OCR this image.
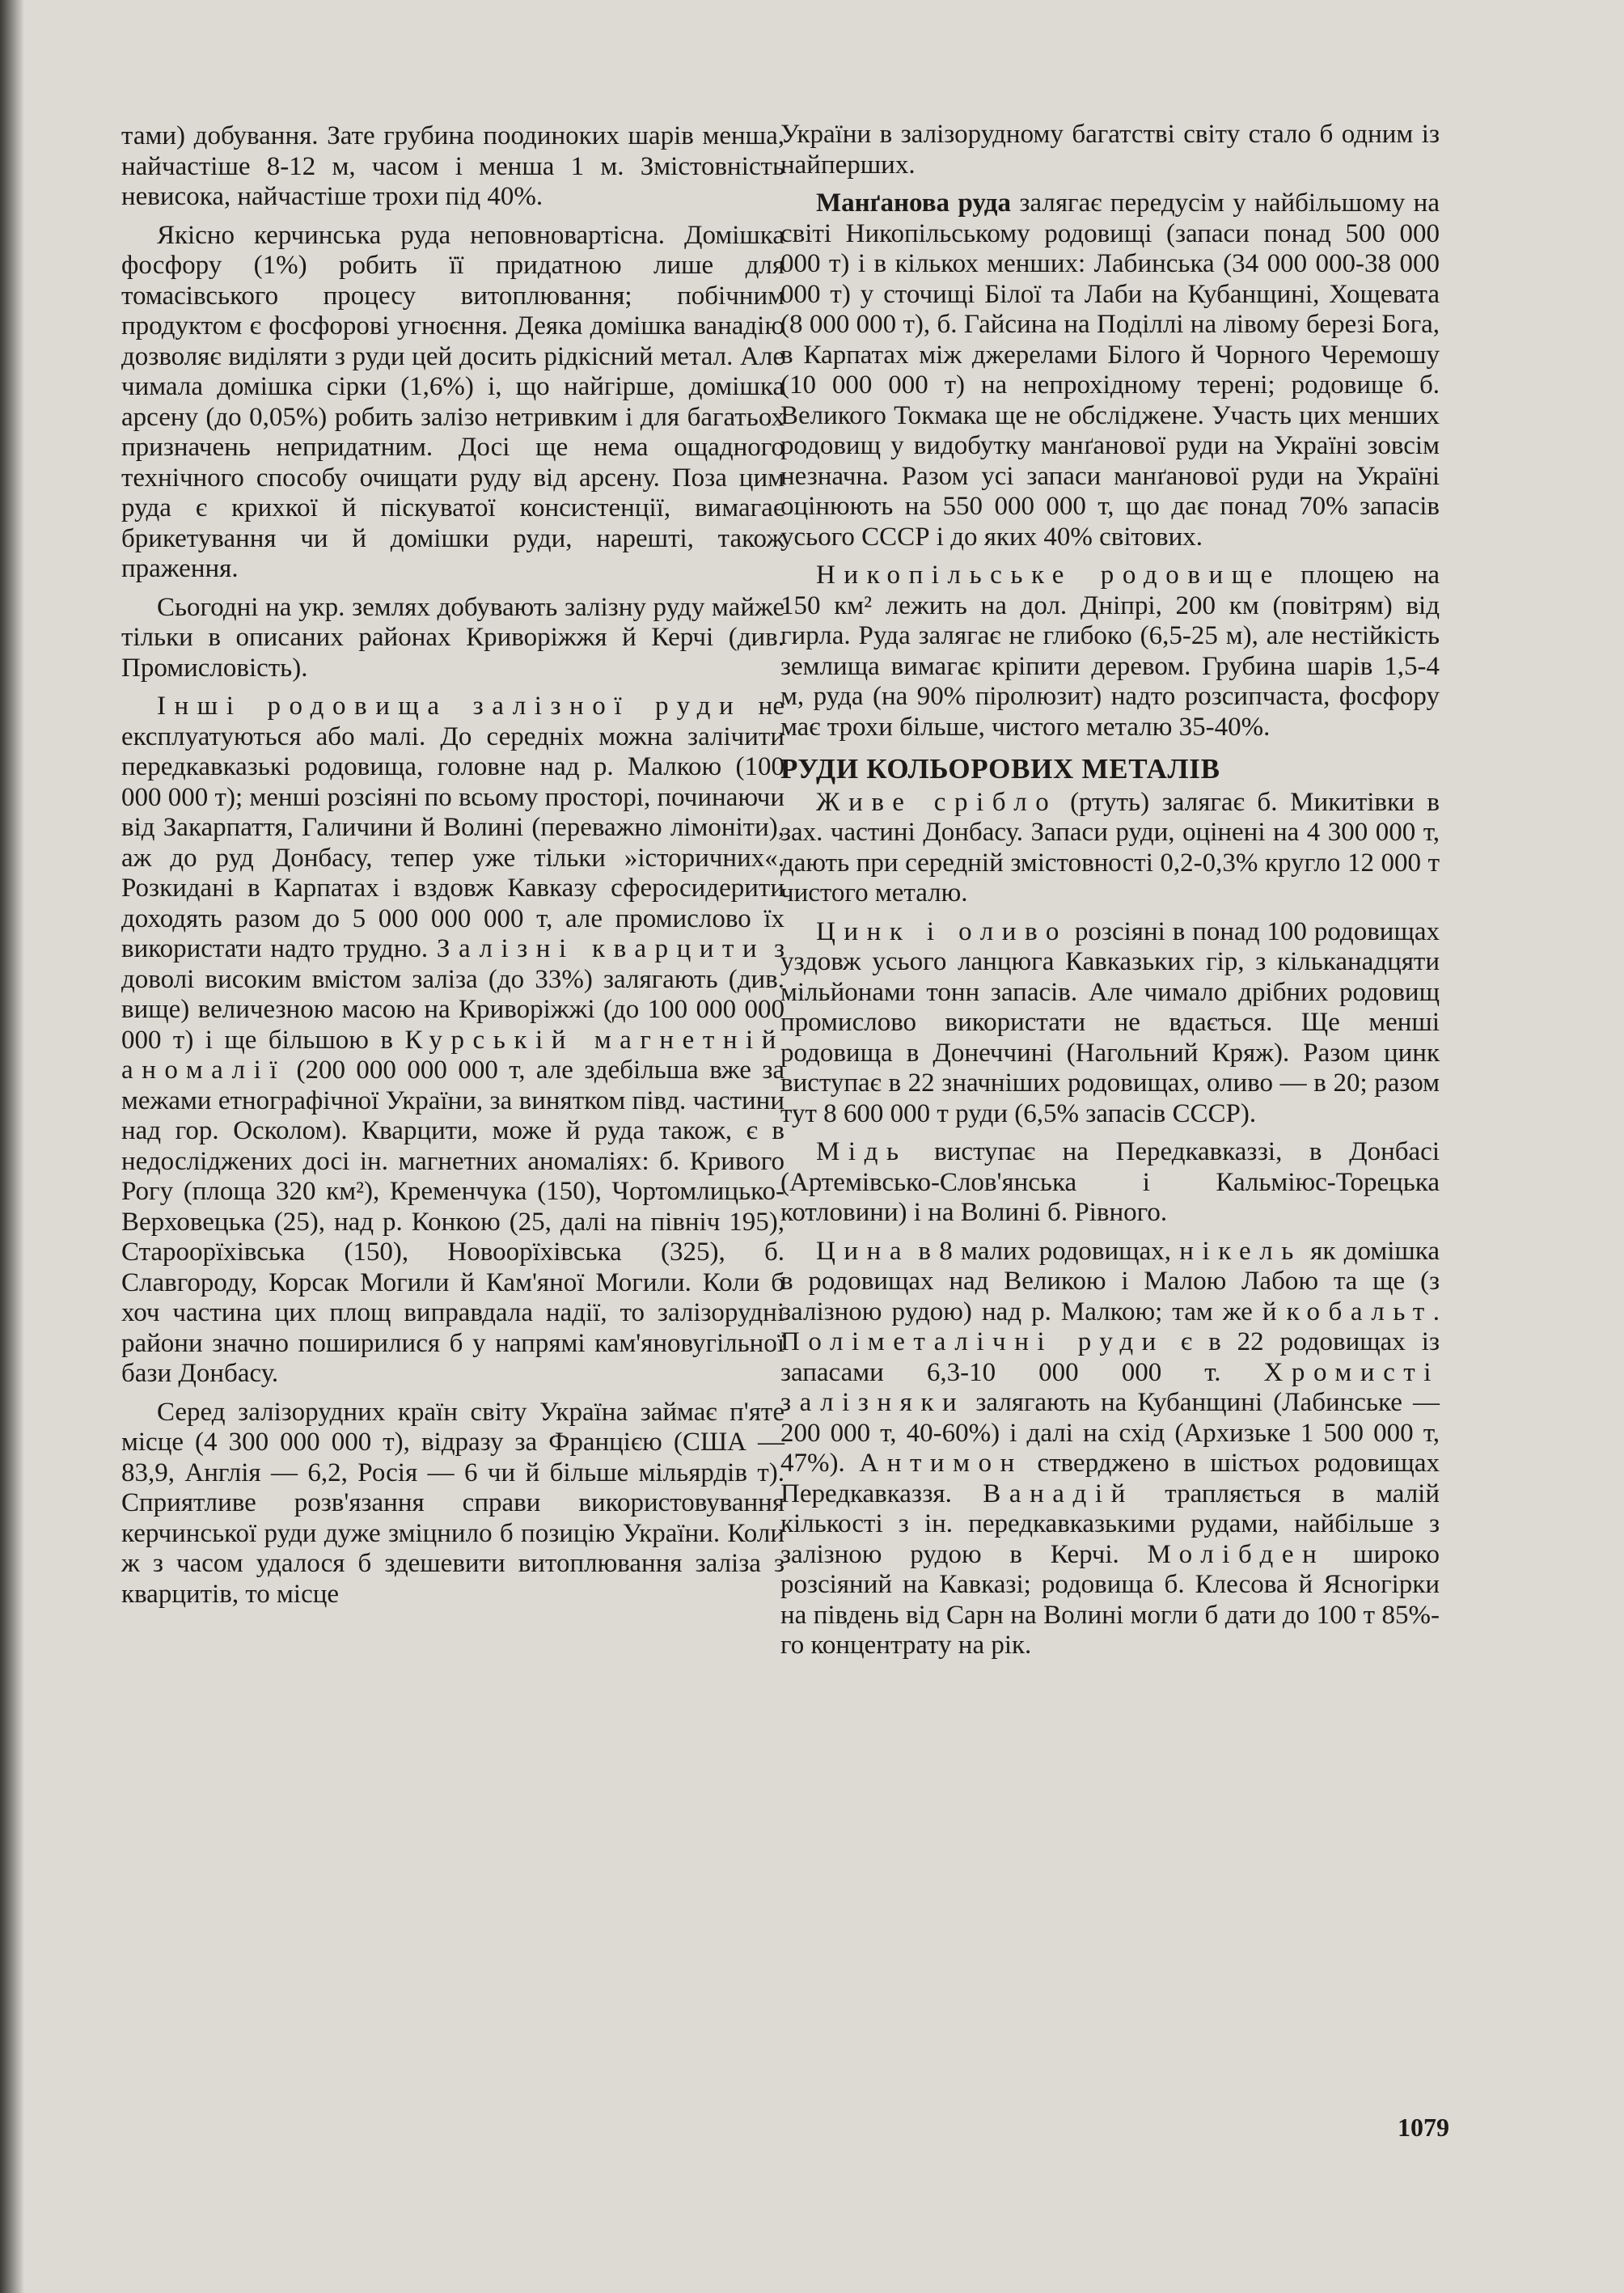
тами) добування. Зате грубина поодиноких шарів менша, найчастіше 8-12 м, часом і менша 1 м. Змістовність невисока, найчастіше трохи під 40%.

Якісно керчинська руда неповновартісна. Домішка фосфору (1%) робить її придатною лише для томасівського процесу витоплювання; побічним продуктом є фосфорові угноєння. Деяка домішка ванадію дозволяє виділяти з руди цей досить рідкісний метал. Але чимала домішка сірки (1,6%) і, що найгірше, домішка арсену (до 0,05%) робить залізо нетривким і для багатьох призначень непридатним. Досі ще нема ощадного технічного способу очищати руду від арсену. Поза цим руда є крихкої й піскуватої консистенції, вимагає брикетування чи й домішки руди, нарешті, також праження.

Сьогодні на укр. землях добувають залізну руду майже тільки в описаних районах Криворіжжя й Керчі (див. Промисловість).

Інші родовища залізної руди не експлуатуються або малі. До середніх можна залічити передкавказькі родовища, головне над р. Малкою (100 000 000 т); менші розсіяні по всьому просторі, починаючи від Закарпаття, Галичини й Волині (переважно лімоніти), аж до руд Донбасу, тепер уже тільки »історичних«. Розкидані в Карпатах і вздовж Кавказу сферосидерити доходять разом до 5 000 000 000 т, але промислово їх використати надто трудно. Залізні кварцити з доволі високим вмістом заліза (до 33%) залягають (див. вище) величезною масою на Криворіжжі (до 100 000 000 000 т) і ще більшою в Курській магнетній аномалії (200 000 000 000 т, але здебільша вже за межами етнографічної України, за винятком півд. частини над гор. Осколом). Кварцити, може й руда також, є в недосліджених досі ін. магнетних аномаліях: б. Кривого Рогу (площа 320 км²), Кременчука (150), Чортомлицько-Верховецька (25), над р. Конкою (25, далі на північ 195), Староорїхівська (150), Новоорїхівська (325), б. Славгороду, Корсак Могили й Кам'яної Могили. Коли б хоч частина цих площ виправдала надії, то залізорудні райони значно поширилися б у напрямі кам'яновугільної бази Донбасу.

Серед залізорудних країн світу Україна займає п'яте місце (4 300 000 000 т), відразу за Францією (США — 83,9, Англія — 6,2, Росія — 6 чи й більше мільярдів т). Сприятливе розв'язання справи використовування керчинської руди дуже зміцнило б позицію України. Коли ж з часом удалося б здешевити витоплювання заліза з кварцитів, то місце

України в залізорудному багатстві світу стало б одним із найперших.

Манґанова руда залягає передусім у найбільшому на світі Никопільському родовищі (запаси понад 500 000 000 т) і в кількох менших: Лабинська (34 000 000-38 000 000 т) у сточищі Білої та Лаби на Кубанщині, Хощевата (8 000 000 т), б. Гайсина на Поділлі на лівому березі Бога, в Карпатах між джерелами Білого й Чорного Черемошу (10 000 000 т) на непрохідному терені; родовище б. Великого Токмака ще не обсліджене. Участь цих менших родовищ у видобутку манґанової руди на Україні зовсім незначна. Разом усі запаси манґанової руди на Україні оцінюють на 550 000 000 т, що дає понад 70% запасів усього СССР і до яких 40% світових.

Никопільське родовище площею на 150 км² лежить на дол. Дніпрі, 200 км (повітрям) від гирла. Руда залягає не глибоко (6,5-25 м), але нестійкість землища вимагає кріпити деревом. Грубина шарів 1,5-4 м, руда (на 90% піролюзит) надто розсипчаста, фосфору має трохи більше, чистого металю 35-40%.

РУДИ КОЛЬОРОВИХ МЕТАЛІВ

Живе срібло (ртуть) залягає б. Микитівки в зах. частині Донбасу. Запаси руди, оцінені на 4 300 000 т, дають при середній змістовності 0,2-0,3% кругло 12 000 т чистого металю.

Цинк і оливо розсіяні в понад 100 родовищах уздовж усього ланцюга Кавказьких гір, з кільканадцяти мільйонами тонн запасів. Але чимало дрібних родовищ промислово використати не вдається. Ще менші родовища в Донеччині (Нагольний Кряж). Разом цинк виступає в 22 значніших родовищах, оливо — в 20; разом тут 8 600 000 т руди (6,5% запасів СССР).

Мідь виступає на Передкавказзі, в Донбасі (Артемівсько-Слов'янська і Кальміюс-Торецька котловини) і на Волині б. Рівного.

Цина в 8 малих родовищах, нікель як домішка в родовищах над Великою і Малою Лабою та ще (з залізною рудою) над р. Малкою; там же й кобальт. Поліметалічні руди є в 22 родовищах із запасами 6,3-10 000 000 т. Хромисті залізняки залягають на Кубанщині (Лабинське — 200 000 т, 40-60%) і далі на схід (Архизьке 1 500 000 т, 47%). Антимон стверджено в шістьох родовищах Передкавказзя. Ванадій трапляється в малій кількості з ін. передкавказькими рудами, найбільше з залізною рудою в Керчі. Молібден широко розсіяний на Кавказі; родовища б. Клесова й Ясногірки на південь від Сарн на Волині могли б дати до 100 т 85%-го концентрату на рік.

1079
